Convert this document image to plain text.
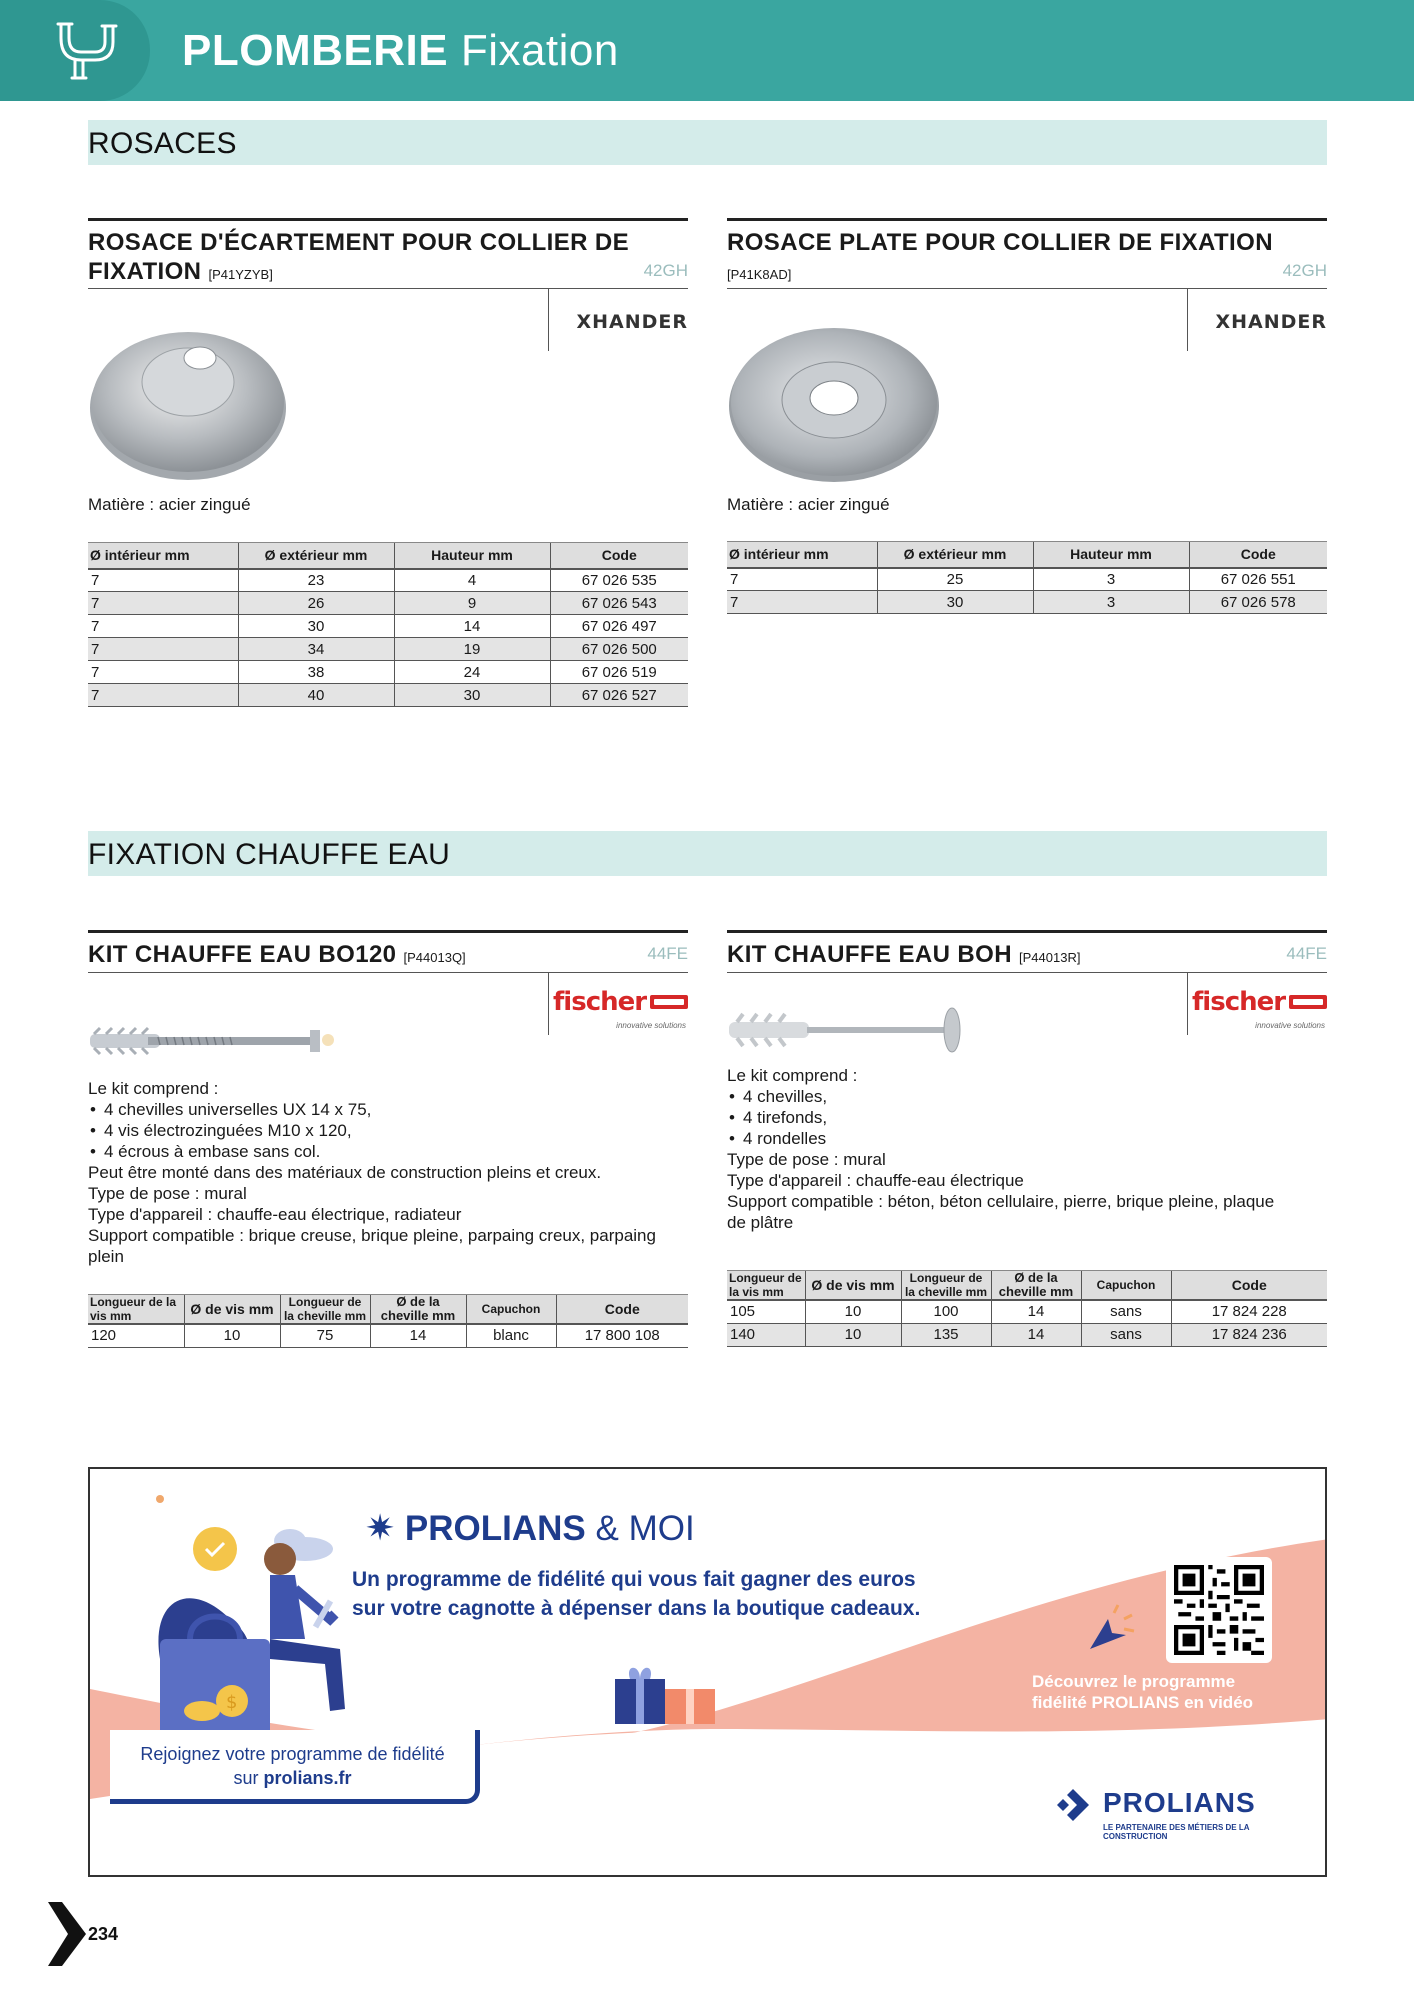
PLOMBERIE Fixation
ROSACES
ROSACE D'ÉCARTEMENT POUR COLLIER DE FIXATION [P41YZYB]	42GH
XHANDER
Matière : acier zingué
Ø intérieur mm	Ø extérieur mm	Hauteur mm	Code
7	23	4	67 026 535
7	26	9	67 026 543
7	30	14	67 026 497
7	34	19	67 026 500
7	38	24	67 026 519
7	40	30	67 026 527
ROSACE PLATE POUR COLLIER DE FIXATION
[P41K8AD]	42GH
XHANDER
Matière : acier zingué
Ø intérieur mm	Ø extérieur mm	Hauteur mm	Code
7	25	3	67 026 551
7	30	3	67 026 578
FIXATION CHAUFFE EAU
KIT CHAUFFE EAU BO120 [P44013Q]	44FE
fischer
innovative solutions
Le kit comprend :
• 4 chevilles universelles UX 14 x 75,
• 4 vis électrozinguées M10 x 120,
• 4 écrous à embase sans col.
Peut être monté dans des matériaux de construction pleins et creux.
Type de pose : mural
Type d'appareil : chauffe-eau électrique, radiateur
Support compatible : brique creuse, brique pleine, parpaing creux, parpaing plein
Longueur de la vis mm	Ø de vis mm	Longueur de la cheville mm	Ø de la cheville mm	Capuchon	Code
120	10	75	14	blanc	17 800 108
KIT CHAUFFE EAU BOH [P44013R]	44FE
fischer
innovative solutions
Le kit comprend :
• 4 chevilles,
• 4 tirefonds,
• 4 rondelles
Type de pose : mural
Type d'appareil : chauffe-eau électrique
Support compatible : béton, béton cellulaire, pierre, brique pleine, plaque de plâtre
Longueur de la vis mm	Ø de vis mm	Longueur de la cheville mm	Ø de la cheville mm	Capuchon	Code
105	10	100	14	sans	17 824 228
140	10	135	14	sans	17 824 236
$
✷ PROLIANS & MOI
Un programme de fidélité qui vous fait gagner des euros
sur votre cagnotte à dépenser dans la boutique cadeaux.
Découvrez le programme
fidélité PROLIANS en vidéo
Rejoignez votre programme de fidélité
sur prolians.fr
PROLIANS
LE PARTENAIRE DES MÉTIERS DE LA CONSTRUCTION
234
